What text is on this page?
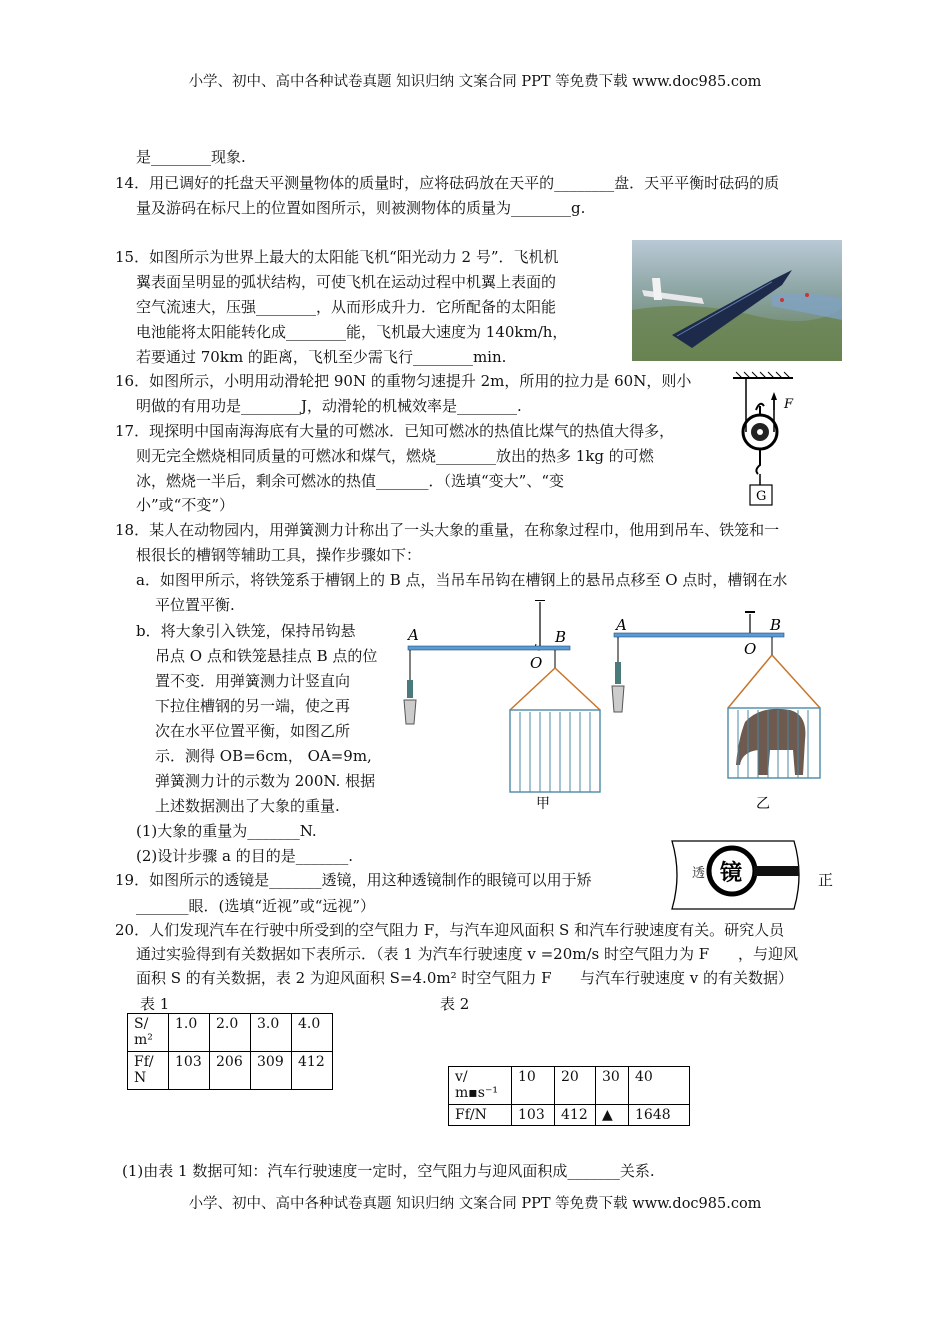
小学、初中、高中各种试卷真题 知识归纳 文案合同 PPT 等免费下载 www.doc985.com
是________现象.
14．用已调好的托盘天平测量物体的质量时，应将砝码放在天平的________盘．天平平衡时砝码的质
量及游码在标尺上的位置如图所示，则被测物体的质量为________g.
15．如图所示为世界上最大的太阳能飞机“阳光动力 2 号”．飞机机
翼表面呈明显的弧状结构，可使飞机在运动过程中机翼上表面的
空气流速大，压强________，从而形成升力．它所配备的太阳能
电池能将太阳能转化成________能，飞机最大速度为 140km/h，
若要通过 70km 的距离，飞机至少需飞行________min.
16．如图所示，小明用动滑轮把 90N 的重物匀速提升 2m，所用的拉力是 60N，则小
明做的有用功是________J，动滑轮的机械效率是________.	F
G
17．现探明中国南海海底有大量的可燃冰．已知可燃冰的热值比煤气的热值大得多，
则无完全燃烧相同质量的可燃冰和煤气，燃烧________放出的热多 1kg 的可燃
冰，燃烧一半后，剩余可燃冰的热值_______．（选填“变大”、“变
小”或“不变”）
18．某人在动物园内，用弹簧测力计称出了一头大象的重量，在称象过程巾，他用到吊车、铁笼和一
根很长的槽钢等辅助工具，操作步骤如下：
a．如图甲所示，将铁笼系于槽钢上的 B 点，当吊车吊钩在槽钢上的悬吊点移至 O 点时，槽钢在水
平位置平衡.
b．将大象引入铁笼，保持吊钩悬
吊点 O 点和铁笼悬挂点 B 点的位
置不变．用弹簧测力计竖直向
下拉住槽钢的另一端，使之再
次在水平位置平衡，如图乙所
示．测得 OB=6cm， OA=9m,
弹簧测力计的示数为 200N. 根据
上述数据测出了大象的重量.
(1)大象的重量为_______N.
(2)设计步骤 a 的目的是_______.
A
O
B
甲
A
O
B
乙
19．如图所示的透镜是_______透镜，用这种透镜制作的眼镜可以用于矫	正
_______眼．(选填“近视”或“远视”）
透 镜
20．人们发现汽车在行驶中所受到的空气阻力 F，与汽车迎风面积 S 和汽车行驶速度有关。研究人员
通过实验得到有关数据如下表所示．（表 1 为汽车行驶速度 v =20m/s 时空气阻力为 F ，与迎风
面积 S 的有关数据，表 2 为迎风面积 S=4.0m² 时空气阻力 F 与汽车行驶速度 v 的有关数据）
表 1	表 2
S/
m²	1.0	2.0	3.0	4.0
Ff/
N	103	206	309	412
v/
m▪s⁻¹	10	20	30	40
Ff/N	103	412	▲	1648
(1)由表 1 数据可知：汽车行驶速度一定时，空气阻力与迎风面积成_______关系.
小学、初中、高中各种试卷真题 知识归纳 文案合同 PPT 等免费下载 www.doc985.com
